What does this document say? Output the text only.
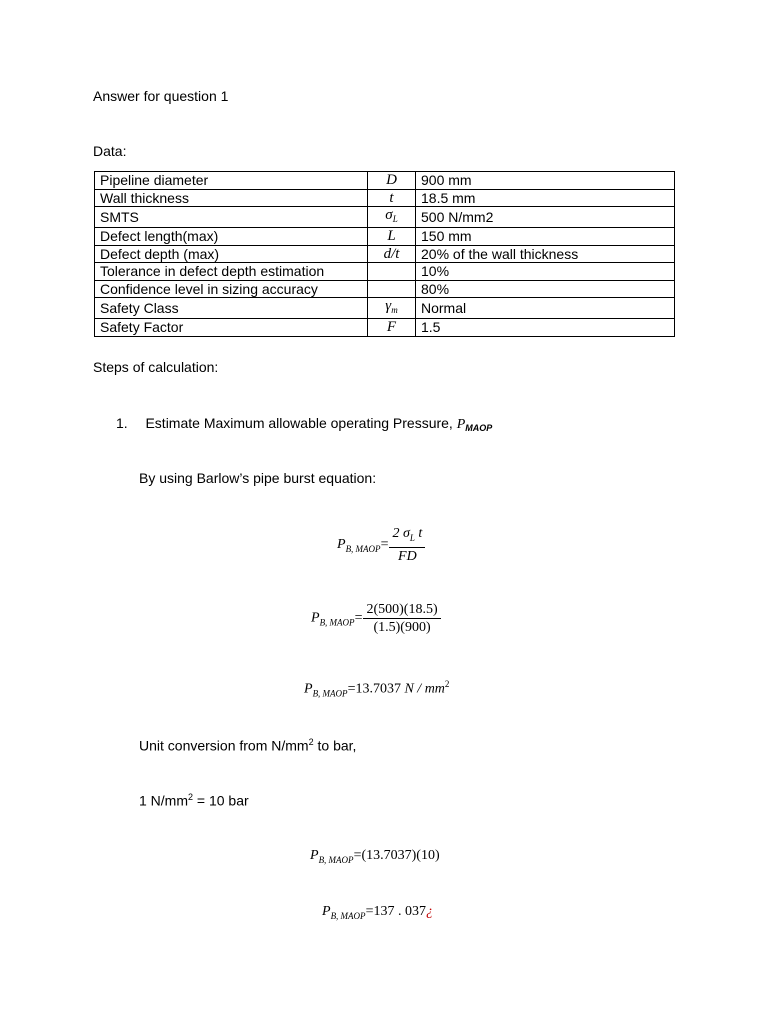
Answer for question 1
Data:
Pipeline diameter	D	900 mm
Wall thickness	t	18.5 mm
SMTS	$\sigma_L$	500 N/mm2
Defect length(max)	L	150 mm
Defect depth (max)	d/t	20% of the wall thickness
Tolerance in defect depth estimation		10%
Confidence level in sizing accuracy		80%
Safety Class	$\gamma_m$	Normal
Safety Factor	F	1.5
Steps of calculation:
1. Estimate Maximum allowable operating Pressure, $P_{MAOP}$
By using Barlow’s pipe burst equation:
$P_{B, MAOP}= \frac{2 \sigma_L t}{FD}$
$P_{B, MAOP}= \frac{2(500)(18.5)}{(1.5)(900)}$
$P_{B, MAOP}=13.7037$ N / $mm^2$
Unit conversion from $N/mm^2$ to bar,
1 $N/mm^2 = 10$ bar
$P_{B, MAOP}=(13.7037)(10)$
$P_{B, MAOP}=137$ . 037¿
